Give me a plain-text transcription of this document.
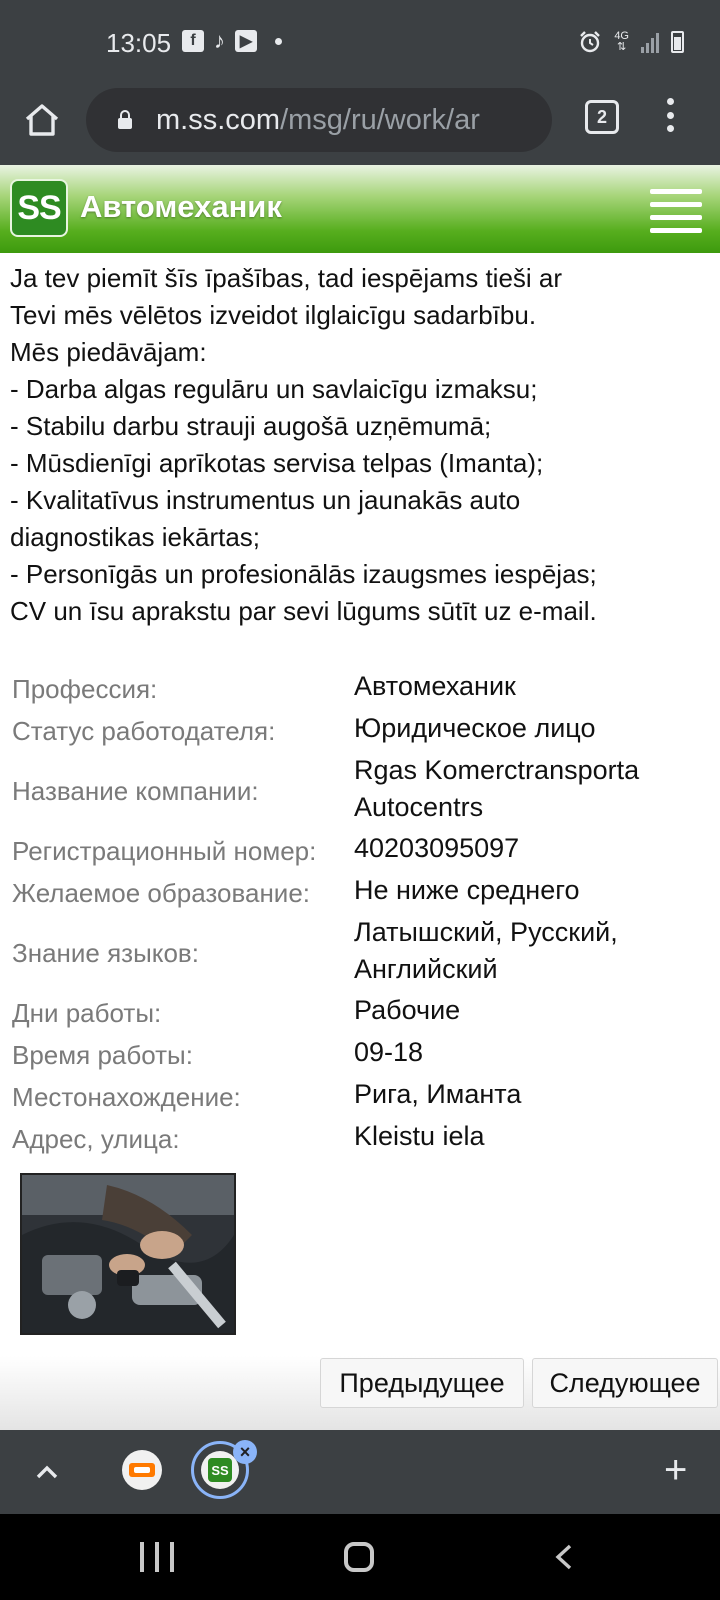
13:05	f ♪ ▶	4G
⇅
m.ss.com/msg/ru/work/ar	2
SS Автомеханик
Ja tev piemīt šīs īpašības, tad iespējams tieši ar
Tevi mēs vēlētos izveidot ilglaicīgu sadarbību.
Mēs piedāvājam:
- Darba algas regulāru un savlaicīgu izmaksu;
- Stabilu darbu strauji augošā uzņēmumā;
- Mūsdienīgi aprīkotas servisa telpas (Imanta);
- Kvalitatīvus instrumentus un jaunakās auto
diagnostikas iekārtas;
- Personīgās un profesionālās izaugsmes iespējas;
CV un īsu aprakstu par sevi lūgums sūtīt uz e-mail.
Профессия:	Автомеханик
Статус работодателя:	Юридическое лицо
Название компании:
Rgas Komerctransporta
Autocentrs
Регистрационный номер:	40203095097
Желаемое образование:	Не ниже среднего
Знание языков:
Латышский, Русский,
Английский
Дни работы:	Рабочие
Время работы:	09-18
Местонахождение:	Рига, Иманта
Адрес, улица:	Kleistu iela
Предыдущее	Следующее
SS	+
×
